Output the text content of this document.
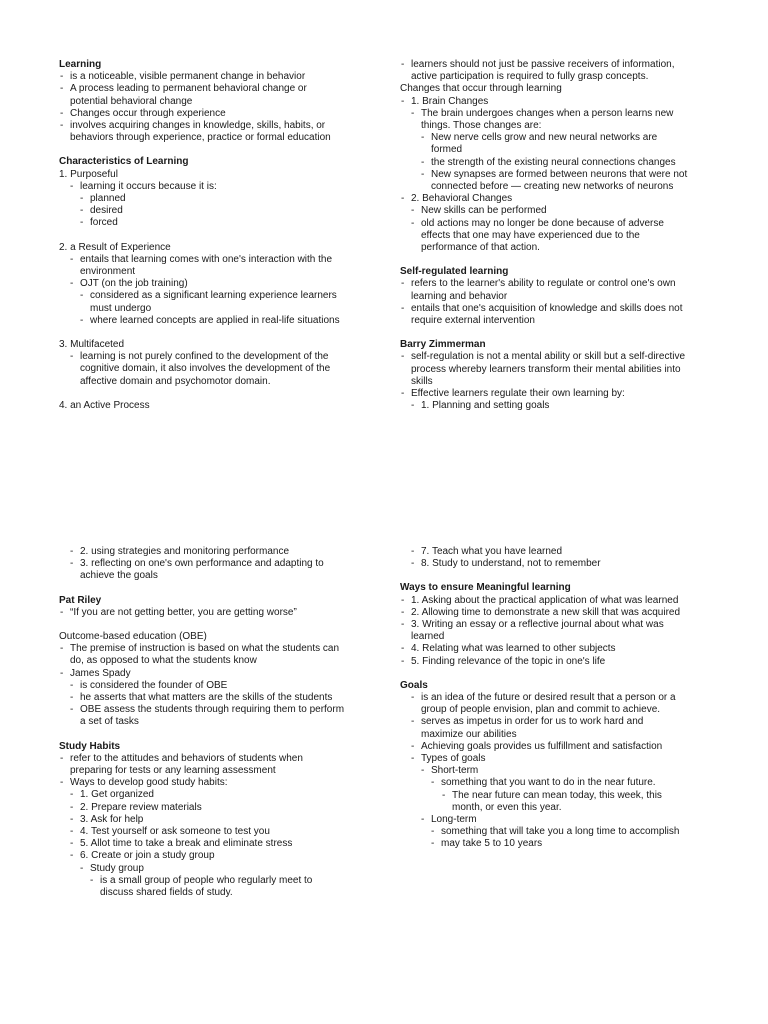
Learning

- is a noticeable, visible permanent change in behavior

- A process leading to permanent behavioral change or

potential behavioral change

- Changes occur through experience

- involves acquiring changes in knowledge, skills, habits, or

behaviors through experience, practice or formal education

Characteristics of Learning

1. Purposeful

- learning it occurs because it is:

- planned

- desired

- forced

2. a Result of Experience

- entails that learning comes with one's interaction with the

environment

- OJT (on the job training)

- considered as a significant learning experience learners

must undergo

- where learned concepts are applied in real-life situations

3. Multifaceted

- learning is not purely confined to the development of the

cognitive domain, it also involves the development of the

affective domain and psychomotor domain.

4. an Active Process

- learners should not just be passive receivers of information,

active participation is required to fully grasp concepts.

Changes that occur through learning

- 1. Brain Changes

- The brain undergoes changes when a person learns new

things. Those changes are:

- New nerve cells grow and new neural networks are

formed

- the strength of the existing neural connections changes

- New synapses are formed between neurons that were not

connected before — creating new networks of neurons

- 2. Behavioral Changes

- New skills can be performed

- old actions may no longer be done because of adverse

effects that one may have experienced due to the

performance of that action.

Self-regulated learning

- refers to the learner's ability to regulate or control one's own

learning and behavior

- entails that one's acquisition of knowledge and skills does not

require external intervention

Barry Zimmerman

- self-regulation is not a mental ability or skill but a self-directive

process whereby learners transform their mental abilities into

skills

- Effective learners regulate their own learning by:

- 1. Planning and setting goals

- 2. using strategies and monitoring performance

- 3. reflecting on one's own performance and adapting to

achieve the goals

Pat Riley

- “If you are not getting better, you are getting worse”

Outcome-based education (OBE)

- The premise of instruction is based on what the students can

do, as opposed to what the students know

- James Spady

- is considered the founder of OBE

- he asserts that what matters are the skills of the students

- OBE assess the students through requiring them to perform

a set of tasks

Study Habits

- refer to the attitudes and behaviors of students when

preparing for tests or any learning assessment

- Ways to develop good study habits:

- 1. Get organized

- 2. Prepare review materials

- 3. Ask for help

- 4. Test yourself or ask someone to test you

- 5. Allot time to take a break and eliminate stress

- 6. Create or join a study group

- Study group

- is a small group of people who regularly meet to

discuss shared fields of study.

- 7. Teach what you have learned

- 8. Study to understand, not to remember

Ways to ensure Meaningful learning

- 1. Asking about the practical application of what was learned

- 2. Allowing time to demonstrate a new skill that was acquired

- 3. Writing an essay or a reflective journal about what was

learned

- 4. Relating what was learned to other subjects

- 5. Finding relevance of the topic in one's life

Goals

- is an idea of the future or desired result that a person or a

group of people envision, plan and commit to achieve.

- serves as impetus in order for us to work hard and

maximize our abilities

- Achieving goals provides us fulfillment and satisfaction

- Types of goals

- Short-term

- something that you want to do in the near future.

- The near future can mean today, this week, this

month, or even this year.

- Long-term

- something that will take you a long time to accomplish

- may take 5 to 10 years
